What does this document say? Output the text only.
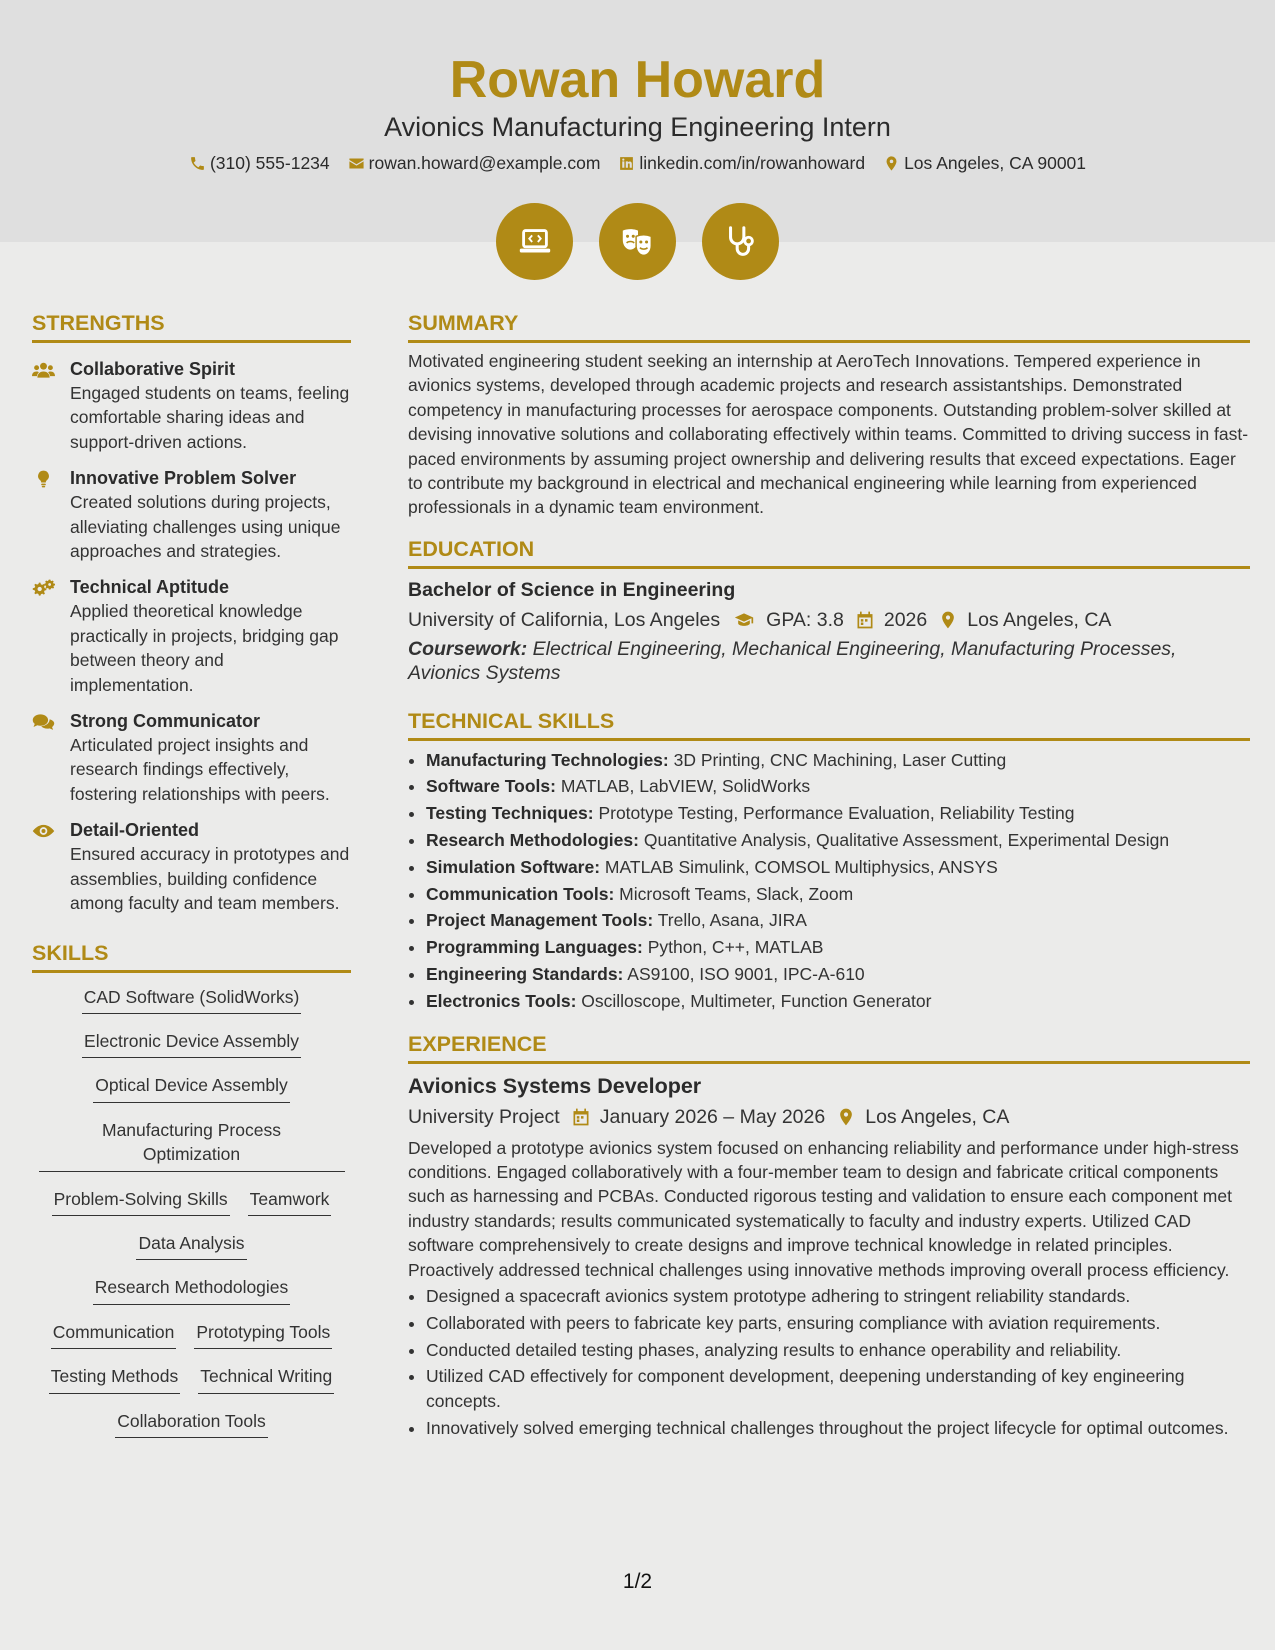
Rowan Howard
Avionics Manufacturing Engineering Intern
(310) 555-1234 rowan.howard@example.com linkedin.com/in/rowanhoward Los Angeles, CA 90001
STRENGTHS
Collaborative Spirit
Engaged students on teams, feeling comfortable sharing ideas and support-driven actions.
Innovative Problem Solver
Created solutions during projects, alleviating challenges using unique approaches and strategies.
Technical Aptitude
Applied theoretical knowledge practically in projects, bridging gap between theory and implementation.
Strong Communicator
Articulated project insights and research findings effectively, fostering relationships with peers.
Detail-Oriented
Ensured accuracy in prototypes and assemblies, building confidence among faculty and team members.
SKILLS
CAD Software (SolidWorks)
Electronic Device Assembly
Optical Device Assembly
Manufacturing Process Optimization
Problem-Solving Skills Teamwork
Data Analysis
Research Methodologies
Communication Prototyping Tools
Testing Methods Technical Writing
Collaboration Tools
SUMMARY
Motivated engineering student seeking an internship at AeroTech Innovations. Tempered experience in avionics systems, developed through academic projects and research assistantships. Demonstrated competency in manufacturing processes for aerospace components. Outstanding problem-solver skilled at devising innovative solutions and collaborating effectively within teams. Committed to driving success in fast-paced environments by assuming project ownership and delivering results that exceed expectations. Eager to contribute my background in electrical and mechanical engineering while learning from experienced professionals in a dynamic team environment.
EDUCATION
Bachelor of Science in Engineering
University of California, Los Angeles GPA: 3.8 2026 Los Angeles, CA
Coursework: Electrical Engineering, Mechanical Engineering, Manufacturing Processes, Avionics Systems
TECHNICAL SKILLS
• Manufacturing Technologies: 3D Printing, CNC Machining, Laser Cutting
• Software Tools: MATLAB, LabVIEW, SolidWorks
• Testing Techniques: Prototype Testing, Performance Evaluation, Reliability Testing
• Research Methodologies: Quantitative Analysis, Qualitative Assessment, Experimental Design
• Simulation Software: MATLAB Simulink, COMSOL Multiphysics, ANSYS
• Communication Tools: Microsoft Teams, Slack, Zoom
• Project Management Tools: Trello, Asana, JIRA
• Programming Languages: Python, C++, MATLAB
• Engineering Standards: AS9100, ISO 9001, IPC-A-610
• Electronics Tools: Oscilloscope, Multimeter, Function Generator
EXPERIENCE
Avionics Systems Developer
University Project January 2026 – May 2026 Los Angeles, CA
Developed a prototype avionics system focused on enhancing reliability and performance under high-stress conditions. Engaged collaboratively with a four-member team to design and fabricate critical components such as harnessing and PCBAs. Conducted rigorous testing and validation to ensure each component met industry standards; results communicated systematically to faculty and industry experts. Utilized CAD software comprehensively to create designs and improve technical knowledge in related principles. Proactively addressed technical challenges using innovative methods improving overall process efficiency.
• Designed a spacecraft avionics system prototype adhering to stringent reliability standards.
• Collaborated with peers to fabricate key parts, ensuring compliance with aviation requirements.
• Conducted detailed testing phases, analyzing results to enhance operability and reliability.
• Utilized CAD effectively for component development, deepening understanding of key engineering concepts.
• Innovatively solved emerging technical challenges throughout the project lifecycle for optimal outcomes.
1/2
